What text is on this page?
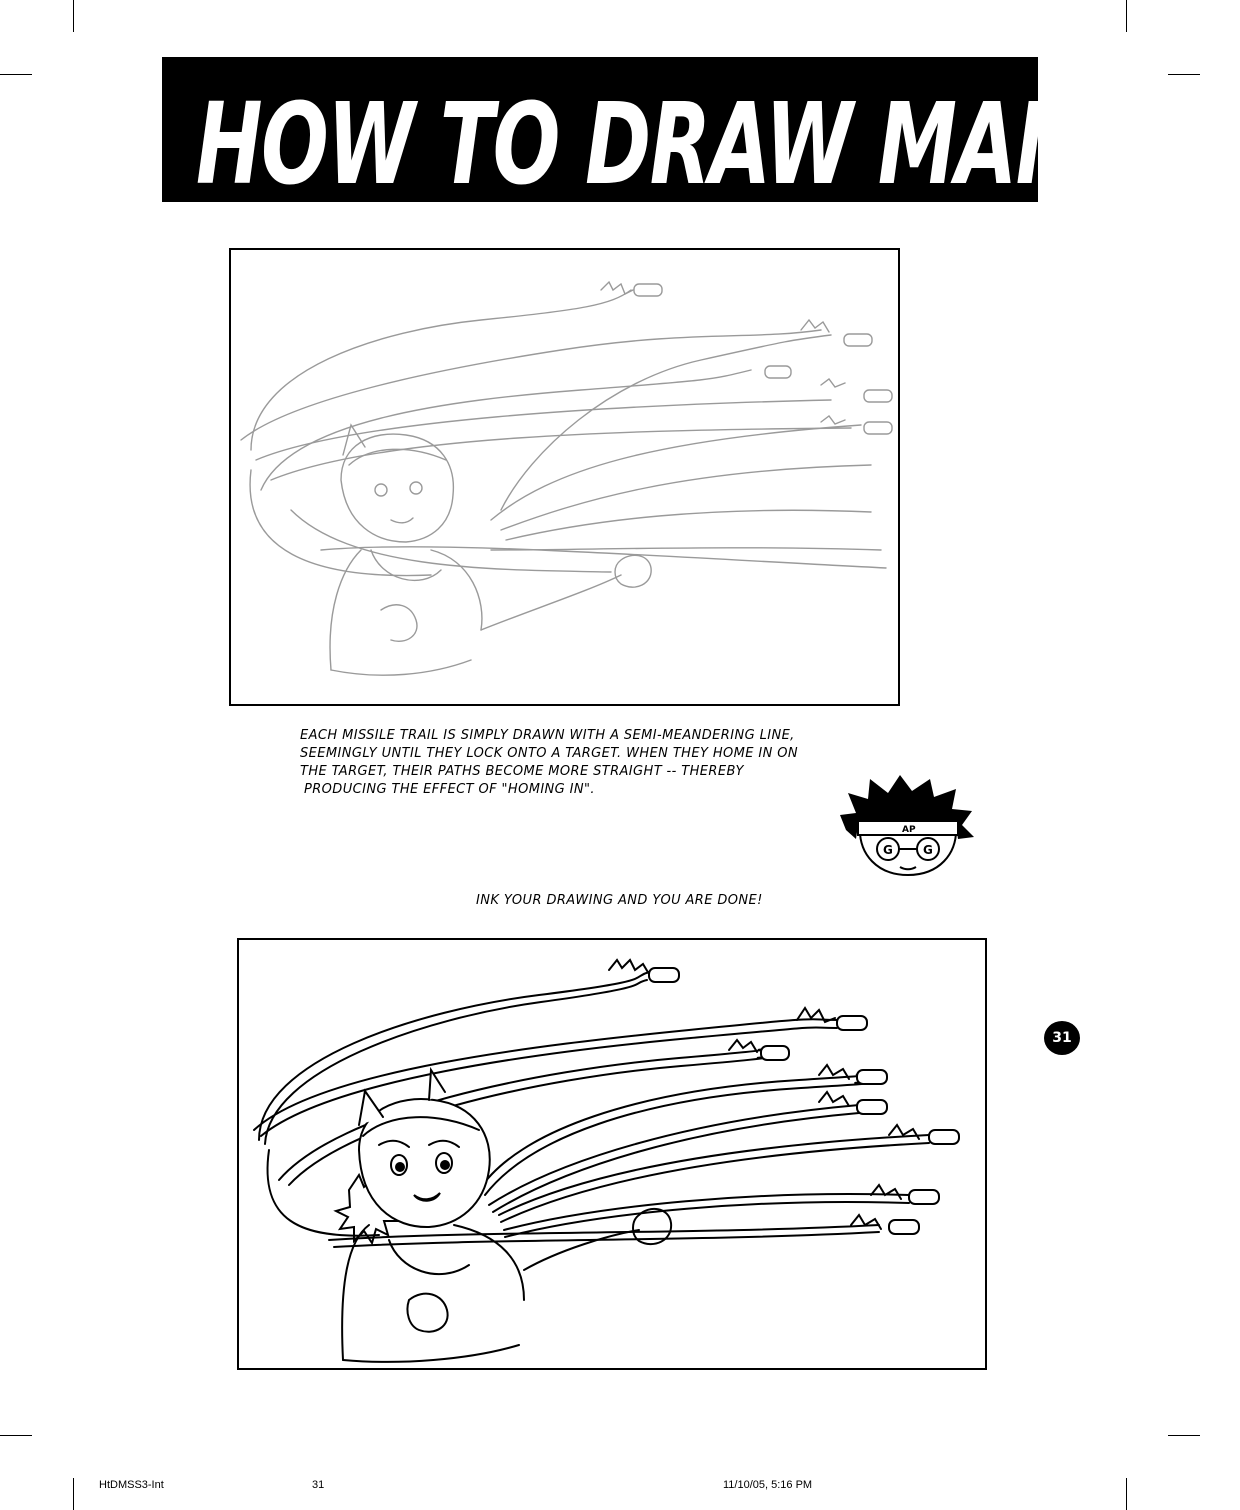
HOW TO DRAW MANGA!
EACH MISSILE TRAIL IS SIMPLY DRAWN WITH A SEMI-MEANDERING LINE,
SEEMINGLY UNTIL THEY LOCK ONTO A TARGET. WHEN THEY HOME IN ON
THE TARGET, THEIR PATHS BECOME MORE STRAIGHT -- THEREBY
PRODUCING THE EFFECT OF "HOMING IN".
AP
G	G
INK YOUR DRAWING AND YOU ARE DONE!
31
HtDMSS3-Int	31	11/10/05, 5:16 PM
